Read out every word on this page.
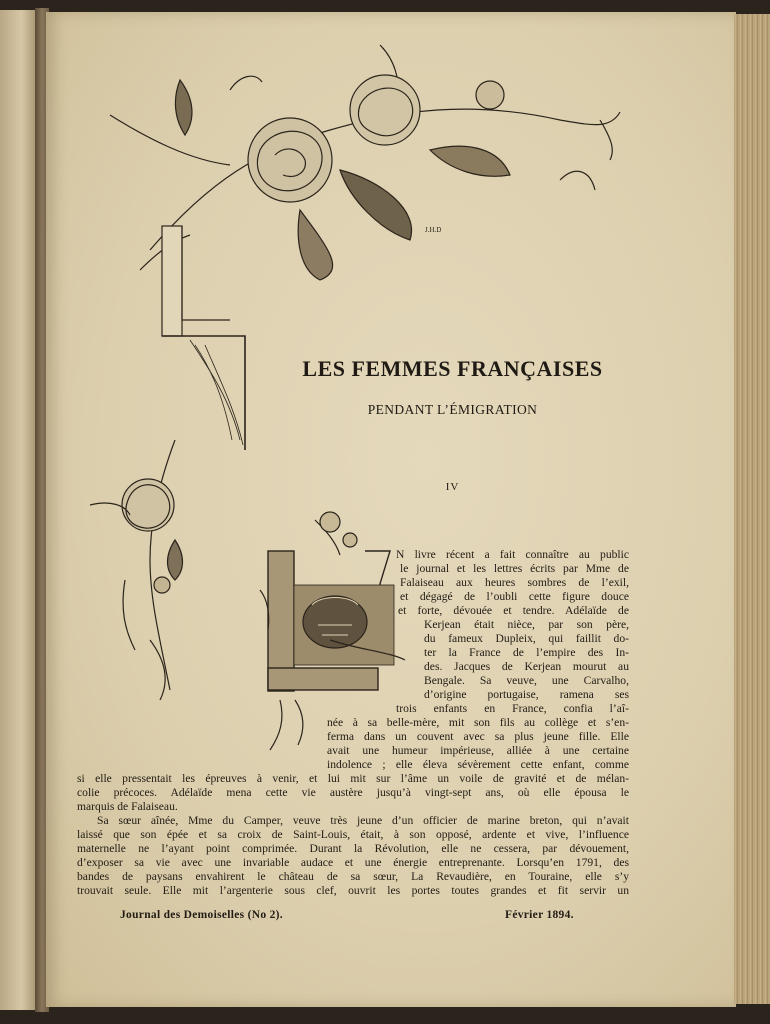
J.H.D
LES FEMMES FRANÇAISES
PENDANT L’ÉMIGRATION
IV
N livre récent a fait connaître au public
le journal et les lettres écrits par Mme de
Falaiseau aux heures sombres de l’exil,
et dégagé de l’oubli cette figure douce
et forte, dévouée et tendre. Adélaïde de
Kerjean était nièce, par son père,
du fameux Dupleix, qui faillit do-
ter la France de l’empire des In-
des. Jacques de Kerjean mourut au
Bengale. Sa veuve, une Carvalho,
d’origine portugaise, ramena ses
trois enfants en France, confia l’aî-
née à sa belle-mère, mit son fils au collège et s’en-
ferma dans un couvent avec sa plus jeune fille. Elle
avait une humeur impérieuse, alliée à une certaine
indolence ; elle éleva sévèrement cette enfant, comme
si elle pressentait les épreuves à venir, et lui mit sur l’âme un voile de gravité et de mélan-
colie précoces. Adélaïde mena cette vie austère jusqu’à vingt-sept ans, où elle épousa le
marquis de Falaiseau.
Sa sœur aînée, Mme du Camper, veuve très jeune d’un officier de marine breton, qui n’avait
laissé que son épée et sa croix de Saint-Louis, était, à son opposé, ardente et vive, l’influence
maternelle ne l’ayant point comprimée. Durant la Révolution, elle ne cessera, par dévouement,
d’exposer sa vie avec une invariable audace et une énergie entreprenante. Lorsqu’en 1791, des
bandes de paysans envahirent le château de sa sœur, La Revaudière, en Touraine, elle s’y
trouvait seule. Elle mit l’argenterie sous clef, ouvrit les portes toutes grandes et fit servir un
Journal des Demoiselles (No 2).	Février 1894.
